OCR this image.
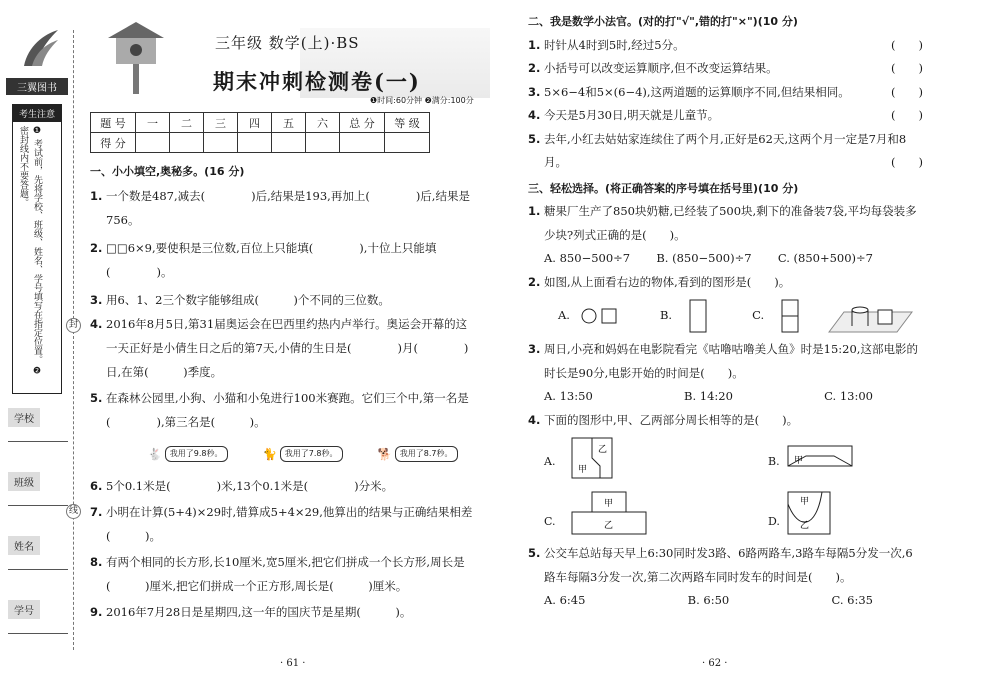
三翼图书
考生注意
❶ 考试前，先将学校、班级、姓名、学号填写在指定位置。 ❷ 密封线内不要答题。
学校
班级
姓名
学号
封
线
三年级 数学(上)·BS
期末冲刺检测卷(一)
❶时间:60分钟 ❷满分:100分
题 号	一	二	三	四	五	六	总 分	等 级
得 分								
一、小小填空,奥秘多。(16 分)
1. 一个数是487,减去(　　　　)后,结果是193,再加上(　　　　)后,结果是756。
2. □□6×9,要使积是三位数,百位上只能填(　　　　),十位上只能填(　　　　)。
3. 用6、1、2三个数字能够组成(　　　)个不同的三位数。
4. 2016年8月5日,第31届奥运会在巴西里约热内卢举行。奥运会开幕的这一天正好是小倩生日之后的第7天,小倩的生日是(　　　　)月(　　　　)日,在第(　　　)季度。
5. 在森林公园里,小狗、小猫和小兔进行100米赛跑。它们三个中,第一名是(　　　　),第三名是(　　　)。
🐇	我用了9.8秒。	🐈	我用了7.8秒。	🐕	我用了8.7秒。
6. 5个0.1米是(　　　　)米,13个0.1米是(　　　　)分米。
7. 小明在计算(5+4)×29时,错算成5+4×29,他算出的结果与正确结果相差(　　　)。
8. 有两个相同的长方形,长10厘米,宽5厘米,把它们拼成一个长方形,周长是(　　　)厘米,把它们拼成一个正方形,周长是(　　　)厘米。
9. 2016年7月28日是星期四,这一年的国庆节是星期(　　　)。
· 61 ·
二、我是数学小法官。(对的打"√",错的打"×")(10 分)
1. 时针从4时到5时,经过5分。	(　　)
2. 小括号可以改变运算顺序,但不改变运算结果。	(　　)
3. 5×6−4和5×(6−4),这两道题的运算顺序不同,但结果相同。	(　　)
4. 今天是5月30日,明天就是儿童节。	(　　)
5. 去年,小红去姑姑家连续住了两个月,正好是62天,这两个月一定是7月和8月。	(　　)
三、轻松选择。(将正确答案的序号填在括号里)(10 分)
1. 糖果厂生产了850块奶糖,已经装了500块,剩下的准备装7袋,平均每袋装多少块?列式正确的是(　　)。
A. 850−500÷7 B. (850−500)÷7 C. (850+500)÷7
2. 如图,从上面看右边的物体,看到的图形是(　　)。
A.	B.	C.
3. 周日,小亮和妈妈在电影院看完《咕噜咕噜美人鱼》时是15:20,这部电影的时长是90分,电影开始的时间是(　　)。
A. 13:50	B. 14:20	C. 13:00
4. 下面的图形中,甲、乙两部分周长相等的是(　　)。
A.
甲
乙
B. 甲
C.
甲
乙	D.
甲
乙
5. 公交车总站每天早上6:30同时发3路、6路两路车,3路车每隔5分发一次,6路车每隔3分发一次,第二次两路车同时发车的时间是(　　)。
A. 6:45	B. 6:50	C. 6:35
· 62 ·
